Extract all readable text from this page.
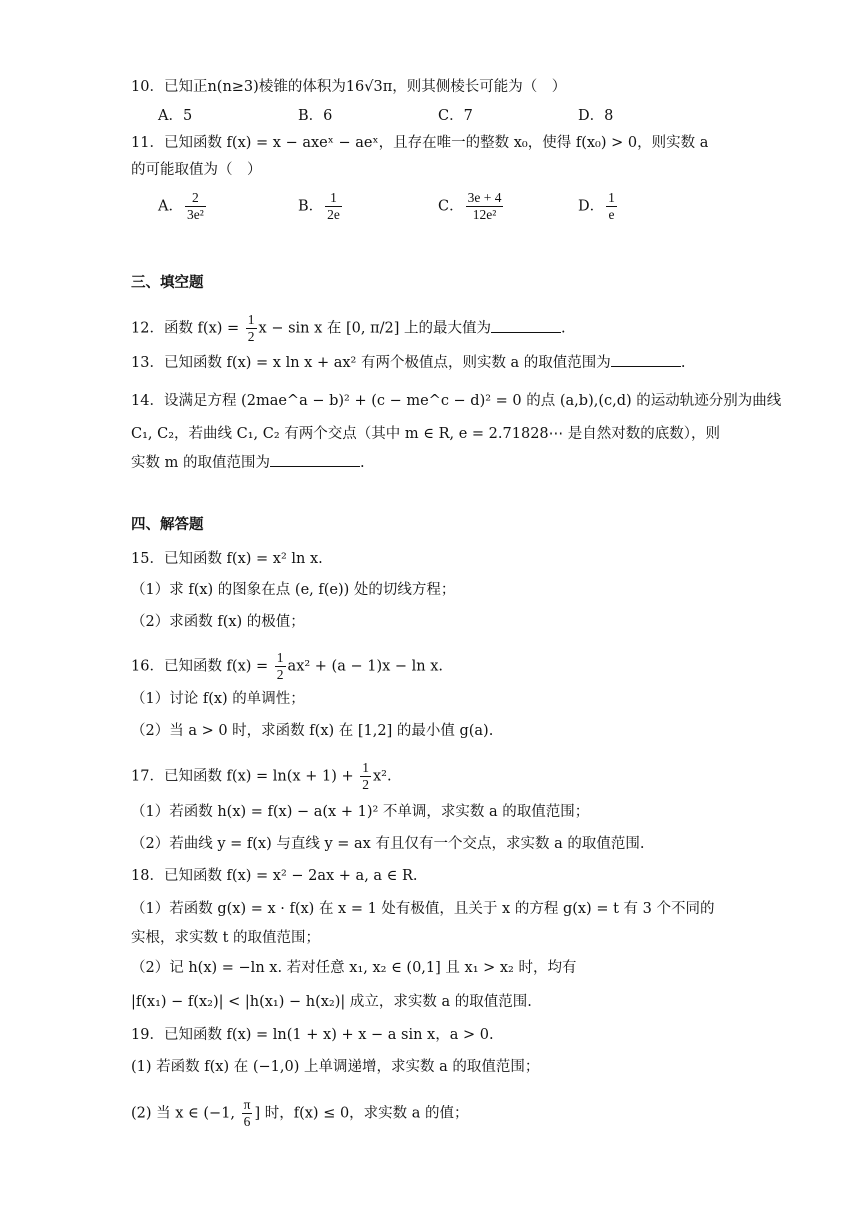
10．已知正n(n≥3)棱锥的体积为16√3π，则其侧棱长可能为（　）
A．5	B．6	C．7	D．8
11．已知函数 f(x) = x − axeˣ − aeˣ，且存在唯一的整数 x₀，使得 f(x₀) > 0，则实数 a
的可能取值为（　）
A． $\frac{2}{\text{3e²}}$	B． $\frac{1}{2e}$	C． $\frac{3e + 4}{\text{12e²}}$	D． $\frac{1}{e}$
三、填空题
12．函数 $f(x) = \frac{1}{2}$ x − sin x 在 [0, π/2] 上的最大值为	.
13．已知函数 f(x) = x ln x + ax² 有两个极值点，则实数 a 的取值范围为	.
14．设满足方程 (2mae^a − b)² + (c − me^c − d)² = 0 的点 (a,b),(c,d) 的运动轨迹分别为曲线
C₁, C₂，若曲线 C₁, C₂ 有两个交点（其中 m ∈ R, e = 2.71828⋯ 是自然对数的底数），则
实数 m 的取值范围为	.
四、解答题
15．已知函数 f(x) = x² ln x.
（1）求 f(x) 的图象在点 (e, f(e)) 处的切线方程；
（2）求函数 f(x) 的极值；
16．已知函数 $f(x) = \frac{1}{2} ax^2 + (a - 1)x - \ln x$.
（1）讨论 f(x) 的单调性；
（2）当 a > 0 时，求函数 f(x) 在 [1,2] 的最小值 g(a).
17．已知函数 $f(x) = \ln(x + 1) + \frac{1}{2} x^2$.
（1）若函数 h(x) = f(x) − a(x + 1)² 不单调，求实数 a 的取值范围；
（2）若曲线 y = f(x) 与直线 y = ax 有且仅有一个交点，求实数 a 的取值范围.
18．已知函数 f(x) = x² − 2ax + a, a ∈ R.
（1）若函数 g(x) = x · f(x) 在 x = 1 处有极值，且关于 x 的方程 g(x) = t 有 3 个不同的
实根，求实数 t 的取值范围；
（2）记 h(x) = −ln x. 若对任意 x₁, x₂ ∈ (0,1] 且 x₁ > x₂ 时，均有
|f(x₁) − f(x₂)| < |h(x₁) − h(x₂)| 成立，求实数 a 的取值范围.
19．已知函数 f(x) = ln(1 + x) + x − a sin x，a > 0.
(1) 若函数 f(x) 在 (−1,0) 上单调递增，求实数 a 的取值范围；
(2) 当 x ∈ (−1, $\frac{\pi}{6}$ ] 时，f(x) ≤ 0，求实数 a 的值；
